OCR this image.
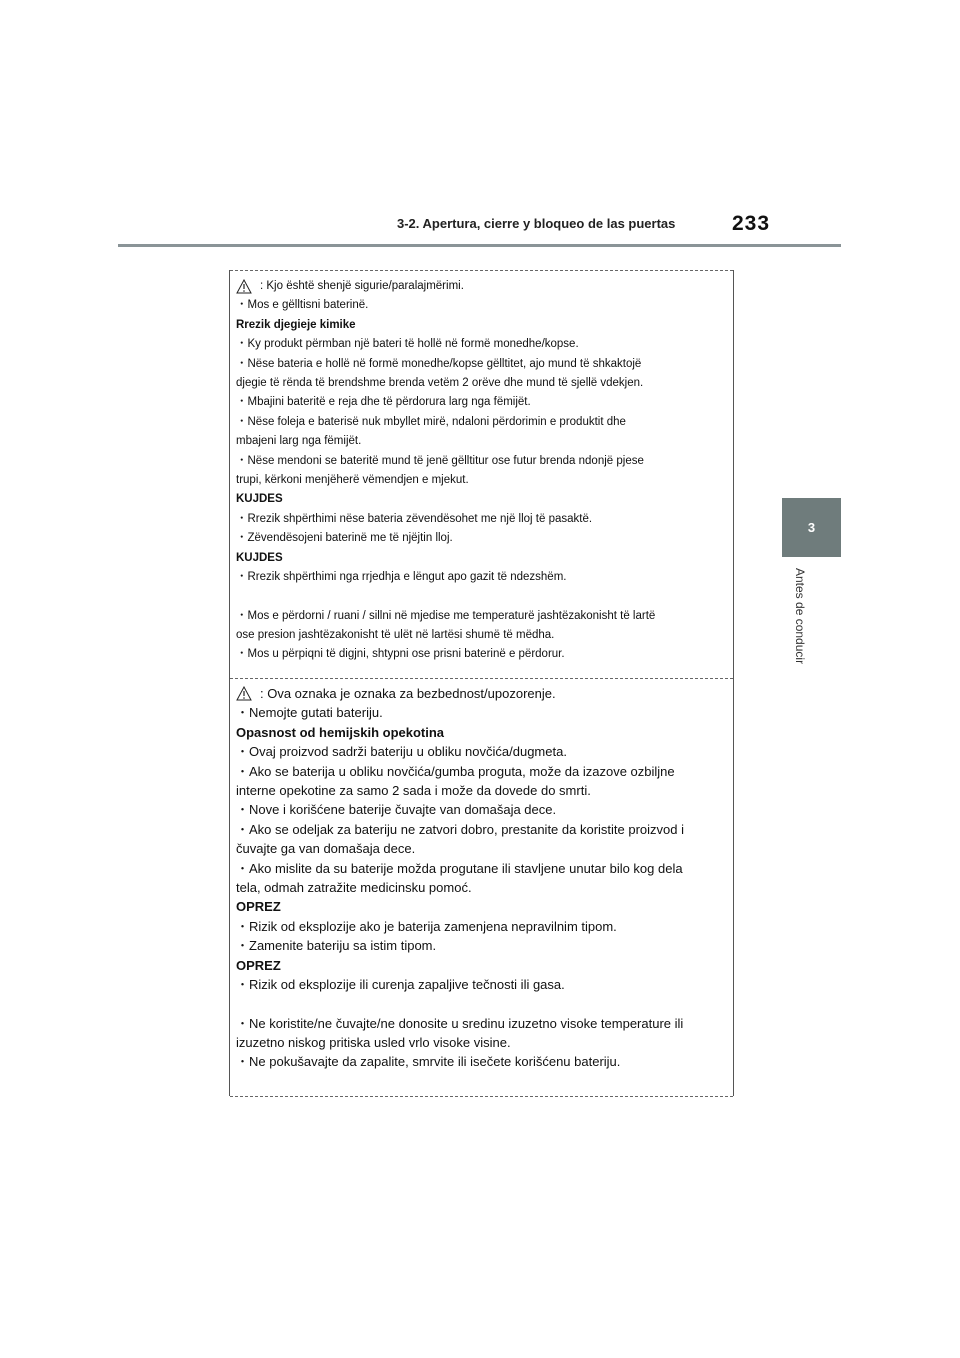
3-2. Apertura, cierre y bloqueo de las puertas	233
3
Antes de conducir
: Kjo është shenjë sigurie/paralajmërimi.
・Mos e gëlltisni baterinë.
Rrezik djegieje kimike
・Ky produkt përmban një bateri të hollë në formë monedhe/kopse.
・Nëse bateria e hollë në formë monedhe/kopse gëlltitet, ajo mund të shkaktojë
djegie të rënda të brendshme brenda vetëm 2 orëve dhe mund të sjellë vdekjen.
・Mbajini bateritë e reja dhe të përdorura larg nga fëmijët.
・Nëse foleja e baterisë nuk mbyllet mirë, ndaloni përdorimin e produktit dhe
mbajeni larg nga fëmijët.
・Nëse mendoni se bateritë mund të jenë gëlltitur ose futur brenda ndonjë pjese
trupi, kërkoni menjëherë vëmendjen e mjekut.
KUJDES
・Rrezik shpërthimi nëse bateria zëvendësohet me një lloj të pasaktë.
・Zëvendësojeni baterinë me të njëjtin lloj.
KUJDES
・Rrezik shpërthimi nga rrjedhja e lëngut apo gazit të ndezshëm.
・Mos e përdorni / ruani / sillni në mjedise me temperaturë jashtëzakonisht të lartë
ose presion jashtëzakonisht të ulët në lartësi shumë të mëdha.
・Mos u përpiqni të digjni, shtypni ose prisni baterinë e përdorur.
: Ova oznaka je oznaka za bezbednost/upozorenje.
・Nemojte gutati bateriju.
Opasnost od hemijskih opekotina
・Ovaj proizvod sadrži bateriju u obliku novčića/dugmeta.
・Ako se baterija u obliku novčića/gumba proguta, može da izazove ozbiljne
interne opekotine za samo 2 sada i može da dovede do smrti.
・Nove i korišćene baterije čuvajte van domašaja dece.
・Ako se odeljak za bateriju ne zatvori dobro, prestanite da koristite proizvod i
čuvajte ga van domašaja dece.
・Ako mislite da su baterije možda progutane ili stavljene unutar bilo kog dela
tela, odmah zatražite medicinsku pomoć.
OPREZ
・Rizik od eksplozije ako je baterija zamenjena nepravilnim tipom.
・Zamenite bateriju sa istim tipom.
OPREZ
・Rizik od eksplozije ili curenja zapaljive tečnosti ili gasa.
・Ne koristite/ne čuvajte/ne donosite u sredinu izuzetno visoke temperature ili
izuzetno niskog pritiska usled vrlo visoke visine.
・Ne pokušavajte da zapalite, smrvite ili isečete korišćenu bateriju.
